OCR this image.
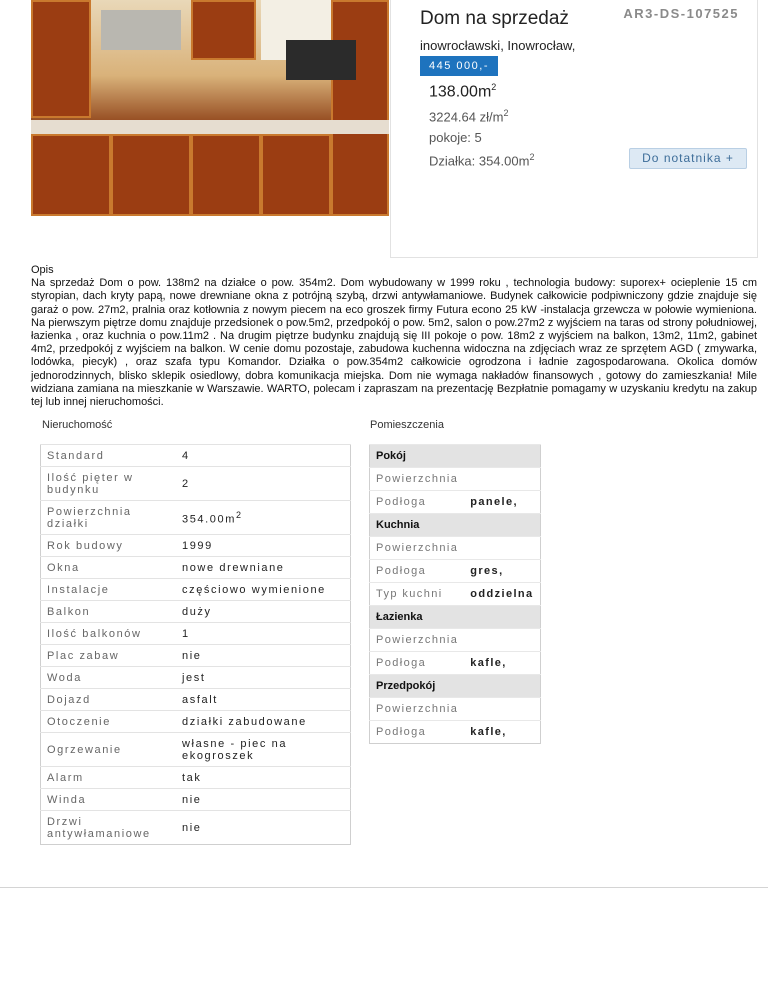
Dom na sprzedaż	AR3-DS-107525
inowrocławski, Inowrocław,
445 000,-
$138.00m^2$
3224.64 $zł/m^2$
pokoje: 5
Działka: $354.00m^2$	Do notatnika +
Opis
Na sprzedaż Dom o pow. 138m2 na działce o pow. 354m2. Dom wybudowany w 1999 roku , technologia budowy: suporex+ ocieplenie 15 cm styropian, dach kryty papą, nowe drewniane okna z potrójną szybą, drzwi antywłamaniowe. Budynek całkowicie podpiwniczony gdzie znajduje się garaż o pow. 27m2, pralnia oraz kotłownia z nowym piecem na eco groszek firmy Futura econo 25 kW -instalacja grzewcza w połowie wymieniona. Na pierwszym piętrze domu znajduje przedsionek o pow.5m2, przedpokój o pow. 5m2, salon o pow.27m2 z wyjściem na taras od strony południowej, łazienka , oraz kuchnia o pow.11m2 . Na drugim piętrze budynku znajdują się III pokoje o pow. 18m2 z wyjściem na balkon, 13m2, 11m2, gabinet 4m2, przedpokój z wyjściem na balkon. W cenie domu pozostaje, zabudowa kuchenna widoczna na zdjęciach wraz ze sprzętem AGD ( zmywarka, lodówka, piecyk) , oraz szafa typu Komandor. Działka o pow.354m2 całkowicie ogrodzona i ładnie zagospodarowana. Okolica domów jednorodzinnych, blisko sklepik osiedlowy, dobra komunikacja miejska. Dom nie wymaga nakładów finansowych , gotowy do zamieszkania! Mile widziana zamiana na mieszkanie w Warszawie. WARTO, polecam i zapraszam na prezentację Bezpłatnie pomagamy w uzyskaniu kredytu na zakup tej lub innej nieruchomości.
Nieruchomość	Pomieszczenia
Standard	4
Ilość pięter w budynku	2
Powierzchnia działki	$354.00m^2$
Rok budowy	1999
Okna	nowe drewniane
Instalacje	częściowo wymienione
Balkon	duży
Ilość balkonów	1
Plac zabaw	nie
Woda	jest
Dojazd	asfalt
Otoczenie	działki zabudowane
Ogrzewanie	własne - piec na ekogroszek
Alarm	tak
Winda	nie
Drzwi antywłamaniowe	nie
Pokój	
Powierzchnia	
Podłoga	panele,
Kuchnia	
Powierzchnia	
Podłoga	gres,
Typ kuchni	oddzielna
Łazienka	
Powierzchnia	
Podłoga	kafle,
Przedpokój	
Powierzchnia	
Podłoga	kafle,
